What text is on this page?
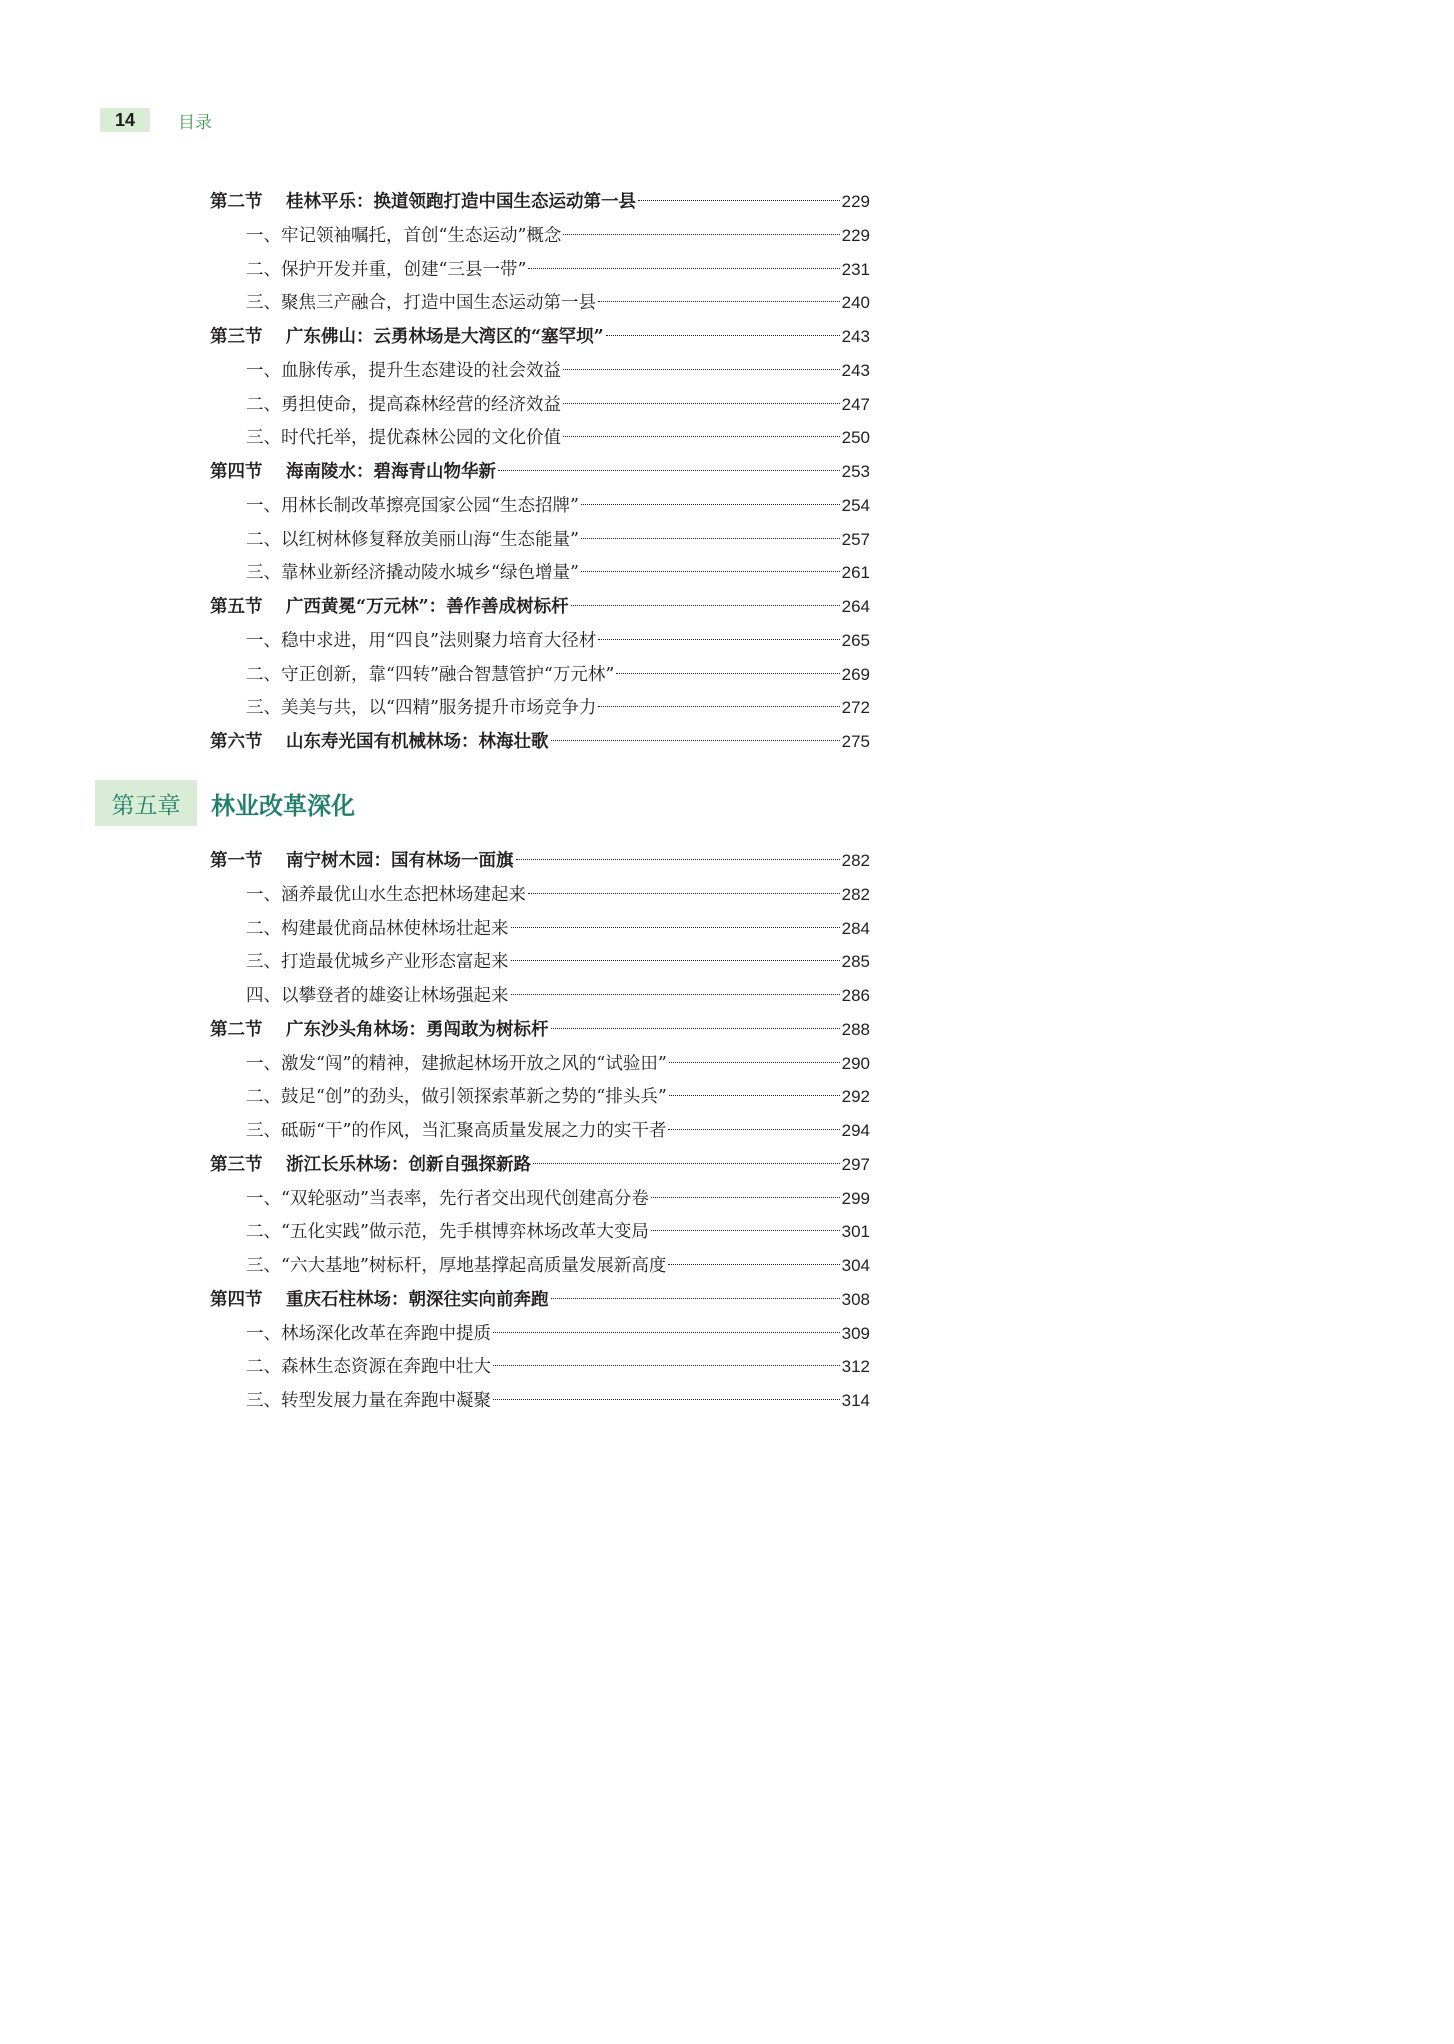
14	目录
第二节 桂林平乐：换道领跑打造中国生态运动第一县	229
一、牢记领袖嘱托，首创“生态运动”概念	229
二、保护开发并重，创建“三县一带”	231
三、聚焦三产融合，打造中国生态运动第一县	240
第三节 广东佛山：云勇林场是大湾区的“塞罕坝”	243
一、血脉传承，提升生态建设的社会效益	243
二、勇担使命，提高森林经营的经济效益	247
三、时代托举，提优森林公园的文化价值	250
第四节 海南陵水：碧海青山物华新	253
一、用林长制改革擦亮国家公园“生态招牌”	254
二、以红树林修复释放美丽山海“生态能量”	257
三、靠林业新经济撬动陵水城乡“绿色增量”	261
第五节 广西黄冕“万元林”：善作善成树标杆	264
一、稳中求进，用“四良”法则聚力培育大径材	265
二、守正创新，靠“四转”融合智慧管护“万元林”	269
三、美美与共，以“四精”服务提升市场竞争力	272
第六节 山东寿光国有机械林场：林海壮歌	275
第五章	林业改革深化
第一节 南宁树木园：国有林场一面旗	282
一、涵养最优山水生态把林场建起来	282
二、构建最优商品林使林场壮起来	284
三、打造最优城乡产业形态富起来	285
四、以攀登者的雄姿让林场强起来	286
第二节 广东沙头角林场：勇闯敢为树标杆	288
一、激发“闯”的精神，建掀起林场开放之风的“试验田”	290
二、鼓足“创”的劲头，做引领探索革新之势的“排头兵”	292
三、砥砺“干”的作风，当汇聚高质量发展之力的实干者	294
第三节 浙江长乐林场：创新自强探新路	297
一、“双轮驱动”当表率，先行者交出现代创建高分卷	299
二、“五化实践”做示范，先手棋博弈林场改革大变局	301
三、“六大基地”树标杆，厚地基撑起高质量发展新高度	304
第四节 重庆石柱林场：朝深往实向前奔跑	308
一、林场深化改革在奔跑中提质	309
二、森林生态资源在奔跑中壮大	312
三、转型发展力量在奔跑中凝聚	314
